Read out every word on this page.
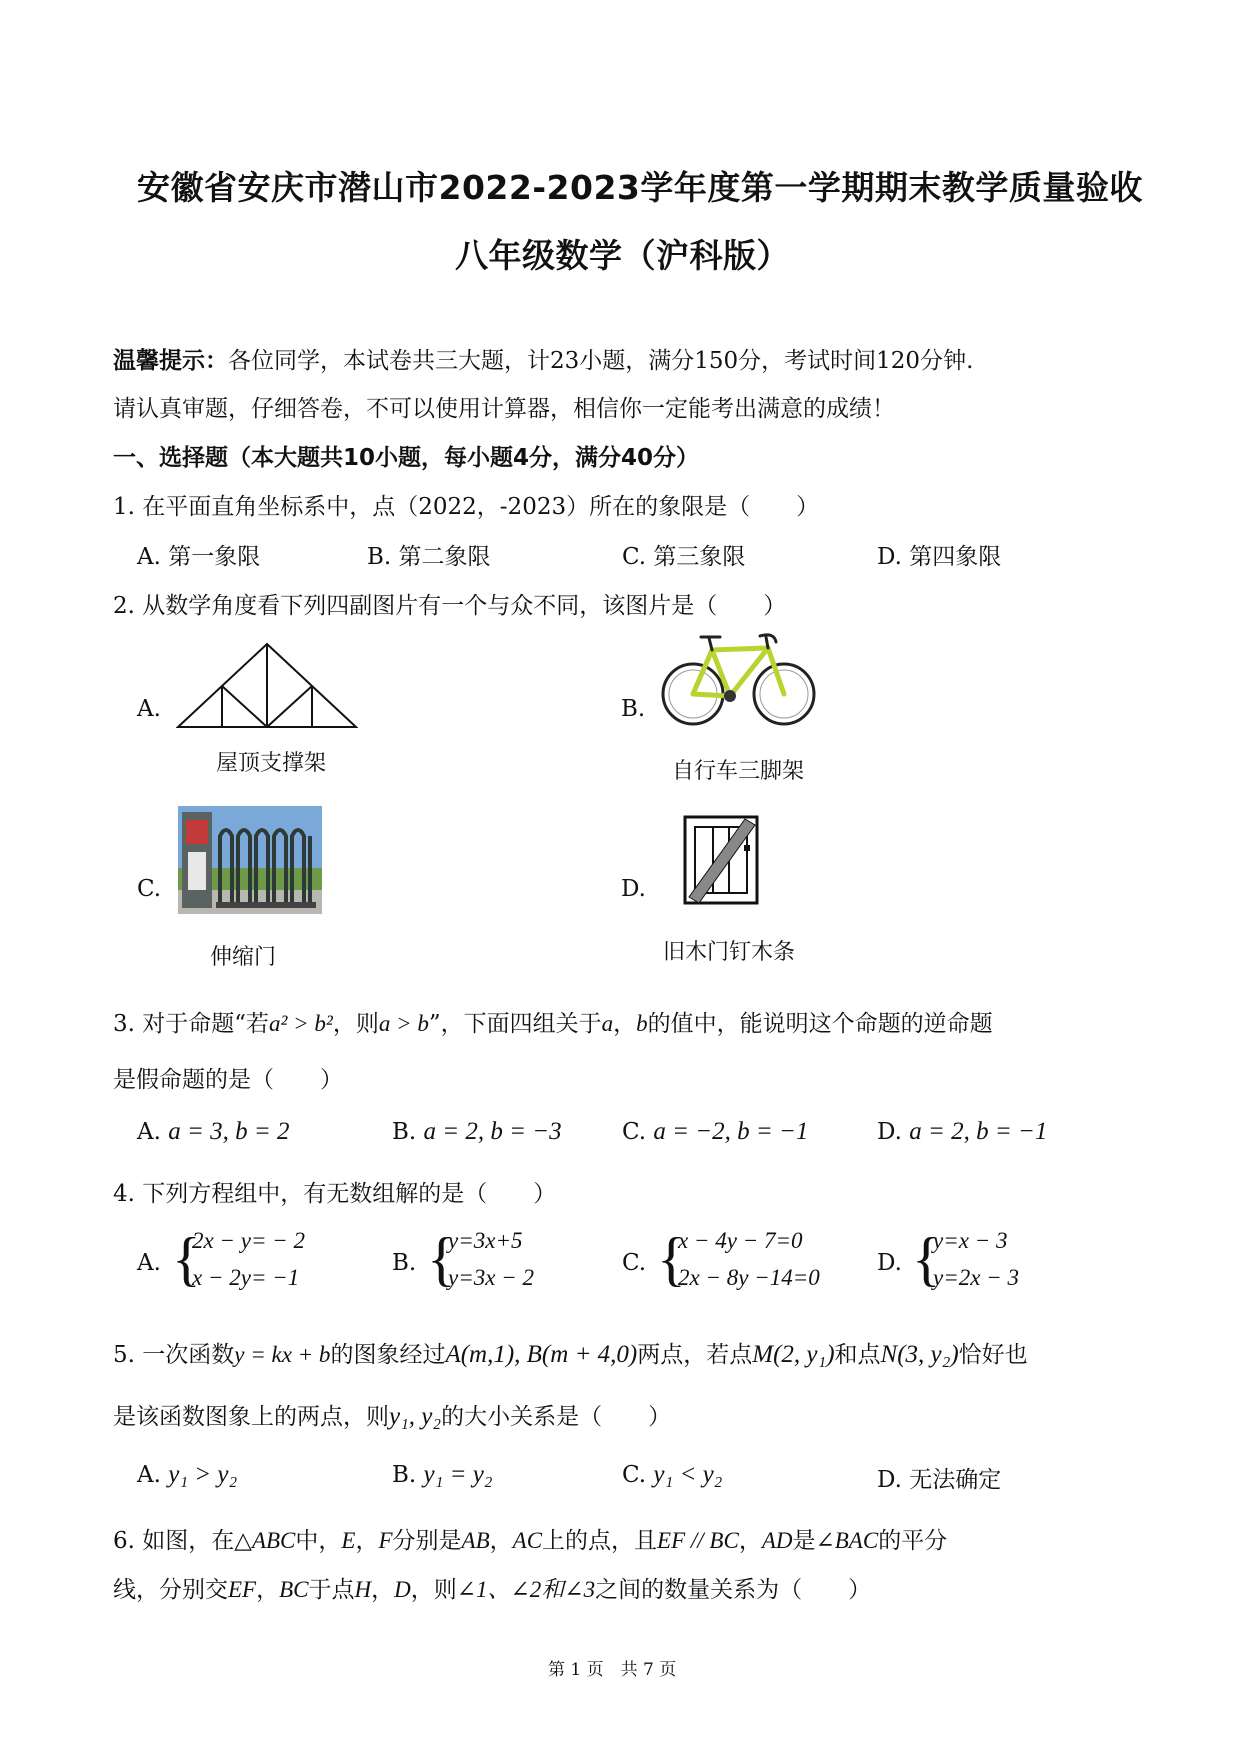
安徽省安庆市潜山市2022-2023学年度第一学期期末教学质量验收
八年级数学（沪科版）
温馨提示：各位同学，本试卷共三大题，计23小题，满分150分，考试时间120分钟.
请认真审题，仔细答卷，不可以使用计算器，相信你一定能考出满意的成绩！
一、选择题（本大题共10小题，每小题4分，满分40分）
1. 在平面直角坐标系中，点（2022，-2023）所在的象限是（　　）
A. 第一象限	B. 第二象限	C. 第三象限	D. 第四象限
2. 从数学角度看下列四副图片有一个与众不同，该图片是（　　）
A.
屋顶支撑架
B.
自行车三脚架
C.
伸缩门
D.
旧木门钉木条
3. 对于命题“若a² > b²，则a > b”，下面四组关于a，b的值中，能说明这个命题的逆命题
是假命题的是（　　）
A. a = 3, b = 2	B. a = 2, b = −3	C. a = −2, b = −1	D. a = 2, b = −1
4. 下列方程组中，有无数组解的是（　　）
A. {
2x − y= − 2
x − 2y= −1
B. {
y=3x+5
y=3x − 2
C. {
x − 4y − 7=0
2x − 8y −14=0
D. {
y=x − 3
y=2x − 3
5. 一次函数y = kx + b的图象经过A(m,1), B(m + 4,0)两点，若点M(2, y₁)和点N(3, y₂)恰好也
是该函数图象上的两点，则y₁, y₂的大小关系是（　　）
A. y₁ > y₂	B. y₁ = y₂	C. y₁ < y₂	D. 无法确定
6. 如图，在△ABC中，E，F分别是AB，AC上的点，且EF // BC，AD是∠BAC的平分
线，分别交EF，BC于点H，D，则∠1、∠2和∠3之间的数量关系为（　　）
第 1 页　共 7 页
